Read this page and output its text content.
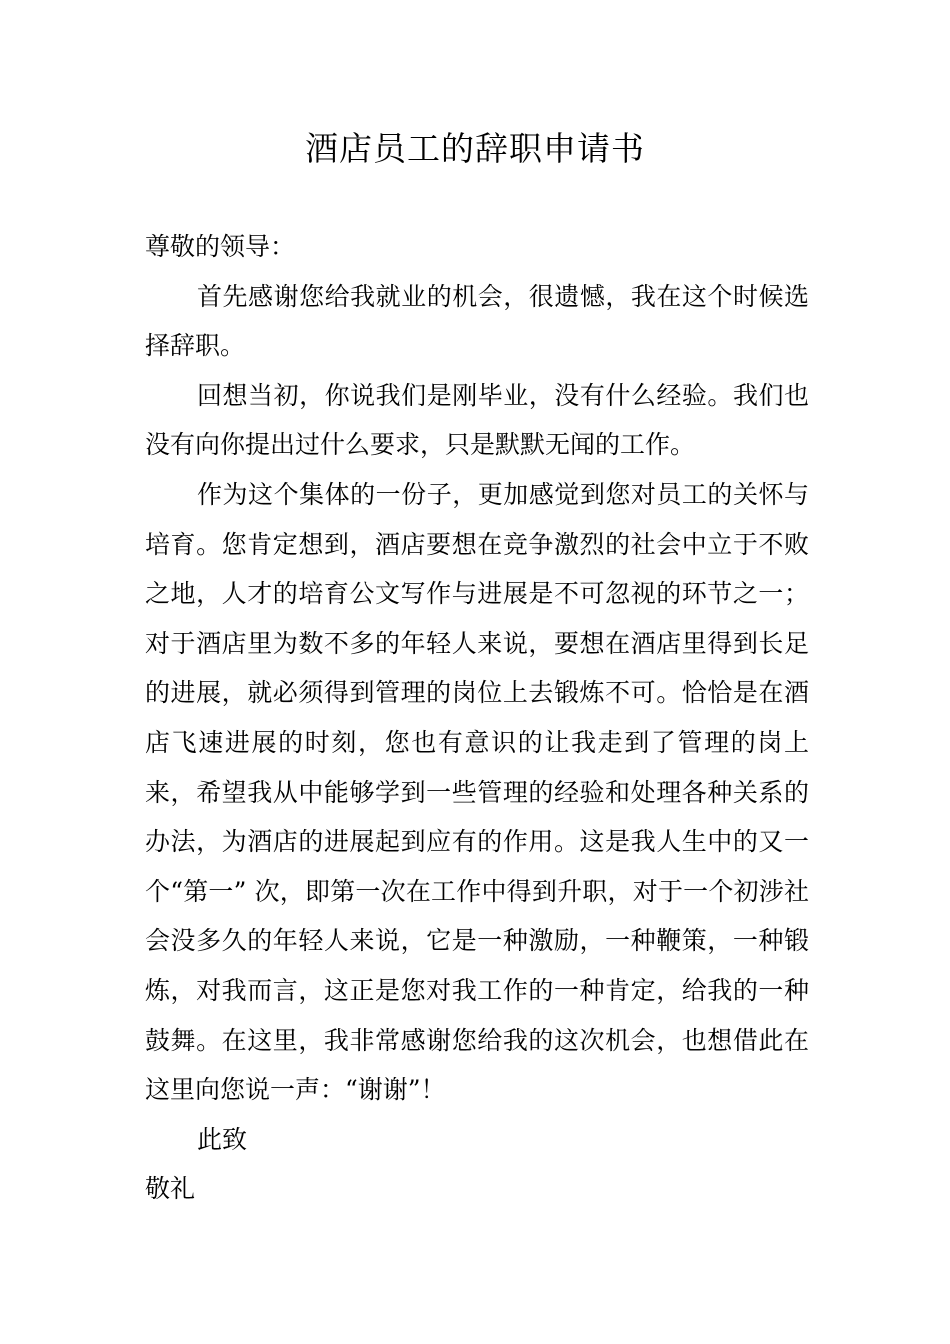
酒店员工的辞职申请书

尊敬的领导：

首先感谢您给我就业的机会，很遗憾，我在这个时候选择辞职。

回想当初，你说我们是刚毕业，没有什么经验。我们也没有向你提出过什么要求，只是默默无闻的工作。

作为这个集体的一份子，更加感觉到您对员工的关怀与培育。您肯定想到，酒店要想在竞争激烈的社会中立于不败之地，人才的培育公文写作与进展是不可忽视的环节之一；对于酒店里为数不多的年轻人来说，要想在酒店里得到长足的进展，就必须得到管理的岗位上去锻炼不可。恰恰是在酒店飞速进展的时刻，您也有意识的让我走到了管理的岗上来，希望我从中能够学到一些管理的经验和处理各种关系的办法，为酒店的进展起到应有的作用。这是我人生中的又一个“第一” 次，即第一次在工作中得到升职，对于一个初涉社会没多久的年轻人来说，它是一种激励，一种鞭策，一种锻炼，对我而言，这正是您对我工作的一种肯定，给我的一种鼓舞。在这里，我非常感谢您给我的这次机会，也想借此在这里向您说一声：“谢谢”！

此致

敬礼
